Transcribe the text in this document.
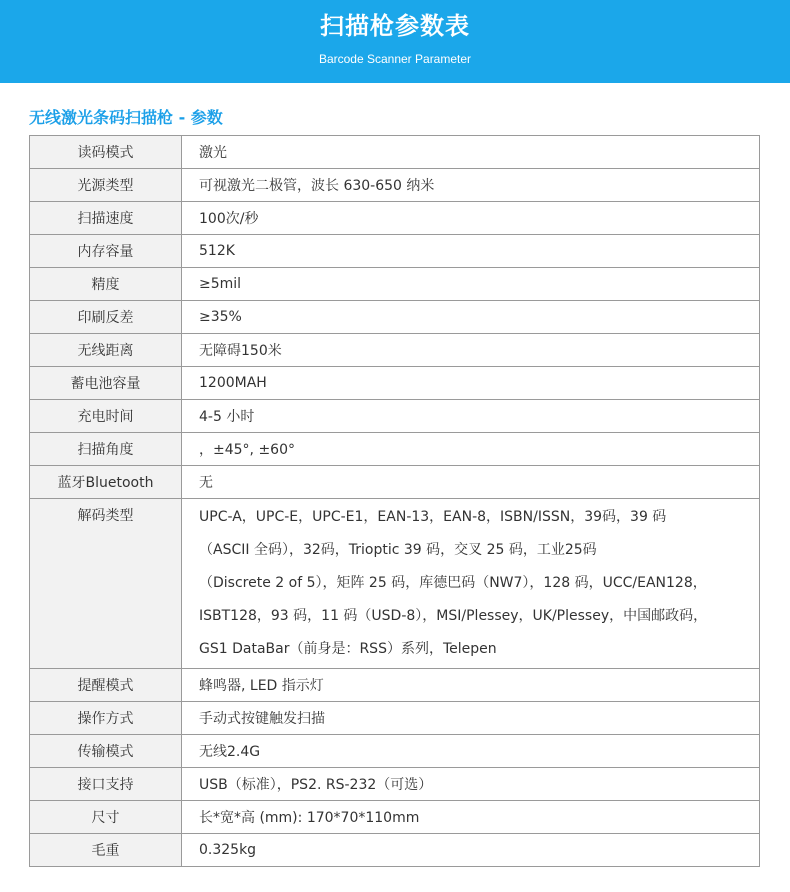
扫描枪参数表
Barcode Scanner Parameter
无线激光条码扫描枪 - 参数
读码模式	激光
光源类型	可视激光二极管，波长 630-650 纳米
扫描速度	100次/秒
内存容量	512K
精度	≥5mil
印刷反差	≥35%
无线距离	无障碍150米
蓄电池容量	1200MAH
充电时间	4-5 小时
扫描角度	，±45°, ±60°
蓝牙Bluetooth	无
解码类型	UPC-A，UPC-E，UPC-E1，EAN-13，EAN-8，ISBN/ISSN，39码，39 码
（ASCII 全码），32码，Trioptic 39 码，交叉 25 码，工业25码
（Discrete 2 of 5），矩阵 25 码，库德巴码（NW7），128 码，UCC/EAN128，
ISBT128，93 码，11 码（USD-8），MSI/Plessey，UK/Plessey，中国邮政码，
GS1 DataBar（前身是：RSS）系列，Telepen

提醒模式	蜂鸣器, LED 指示灯
操作方式	手动式按键触发扫描
传输模式	无线2.4G
接口支持	USB（标准），PS2. RS-232（可选）
尺寸	长*宽*高 (mm): 170*70*110mm
毛重	0.325kg
